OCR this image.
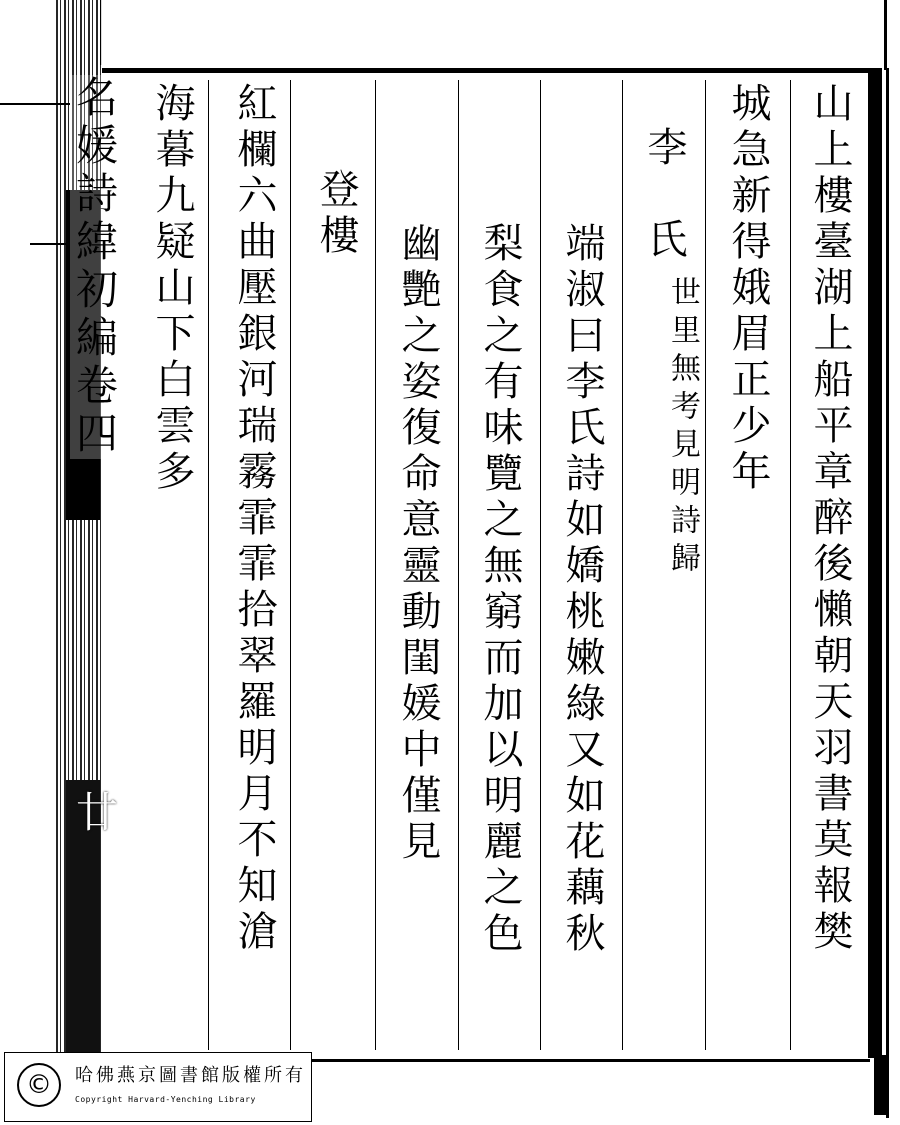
名媛詩緯初編卷四
廿	山上樓臺湖上船平章醉後懶朝天羽書莫報樊
城急新得娥眉正少年
李　氏
世里無考見明詩歸
端淑曰李氏詩如嬌桃嫩綠又如花藕秋
梨食之有味覽之無窮而加以明麗之色
幽艷之姿復命意靈動閨媛中僅見
登樓
紅欄六曲壓銀河瑞霧霏霏拾翠羅明月不知滄
海暮九疑山下白雲多
©	哈佛燕京圖書館版權所有
Copyright Harvard-Yenching Library
